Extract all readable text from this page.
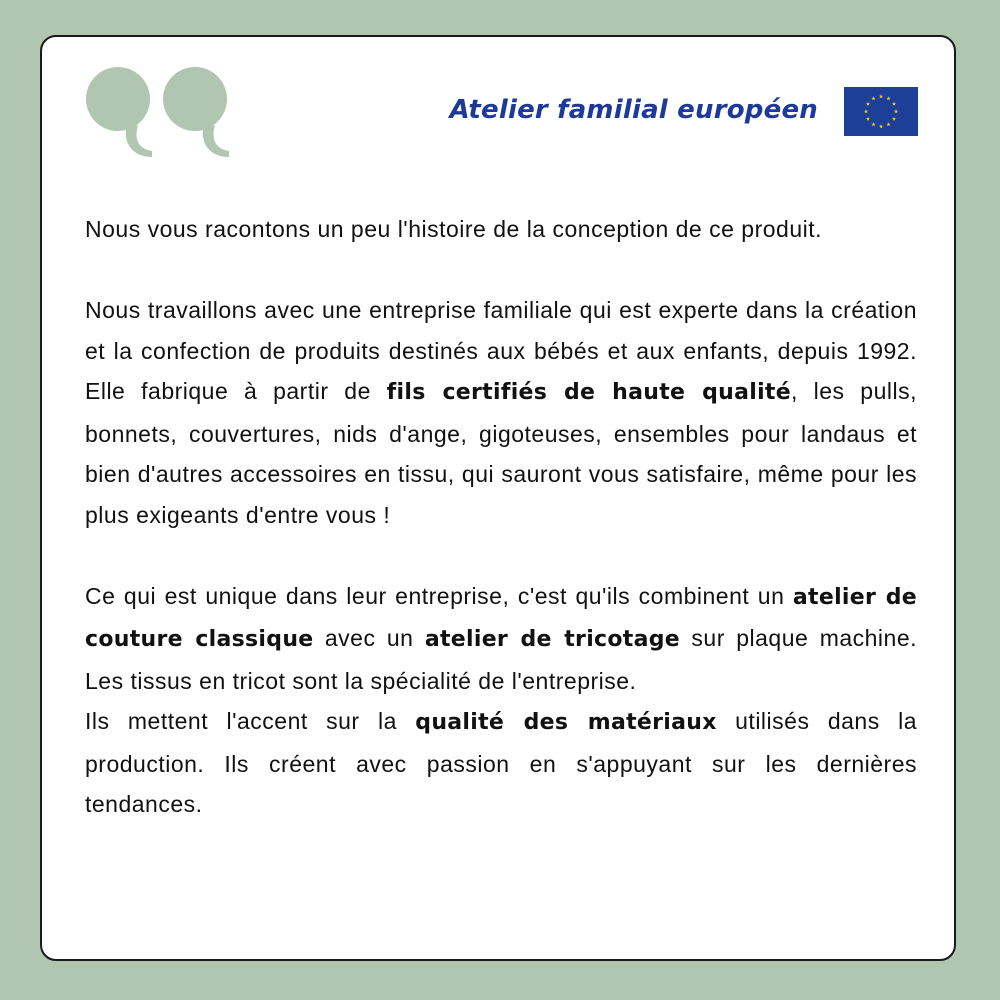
Atelier familial européen

Nous vous racontons un peu l'histoire de la conception de ce produit.

Nous travaillons avec une entreprise familiale qui est experte dans la création et la confection de produits destinés aux bébés et aux enfants, depuis 1992. Elle fabrique à partir de fils certifiés de haute qualité, les pulls, bonnets, couvertures, nids d'ange, gigoteuses, ensembles pour landaus et bien d'autres accessoires en tissu, qui sauront vous satisfaire, même pour les plus exigeants d'entre vous !

Ce qui est unique dans leur entreprise, c'est qu'ils combinent un atelier de couture classique avec un atelier de tricotage sur plaque machine. Les tissus en tricot sont la spécialité de l'entreprise.

Ils mettent l'accent sur la qualité des matériaux utilisés dans la production. Ils créent avec passion en s'appuyant sur les dernières tendances.
